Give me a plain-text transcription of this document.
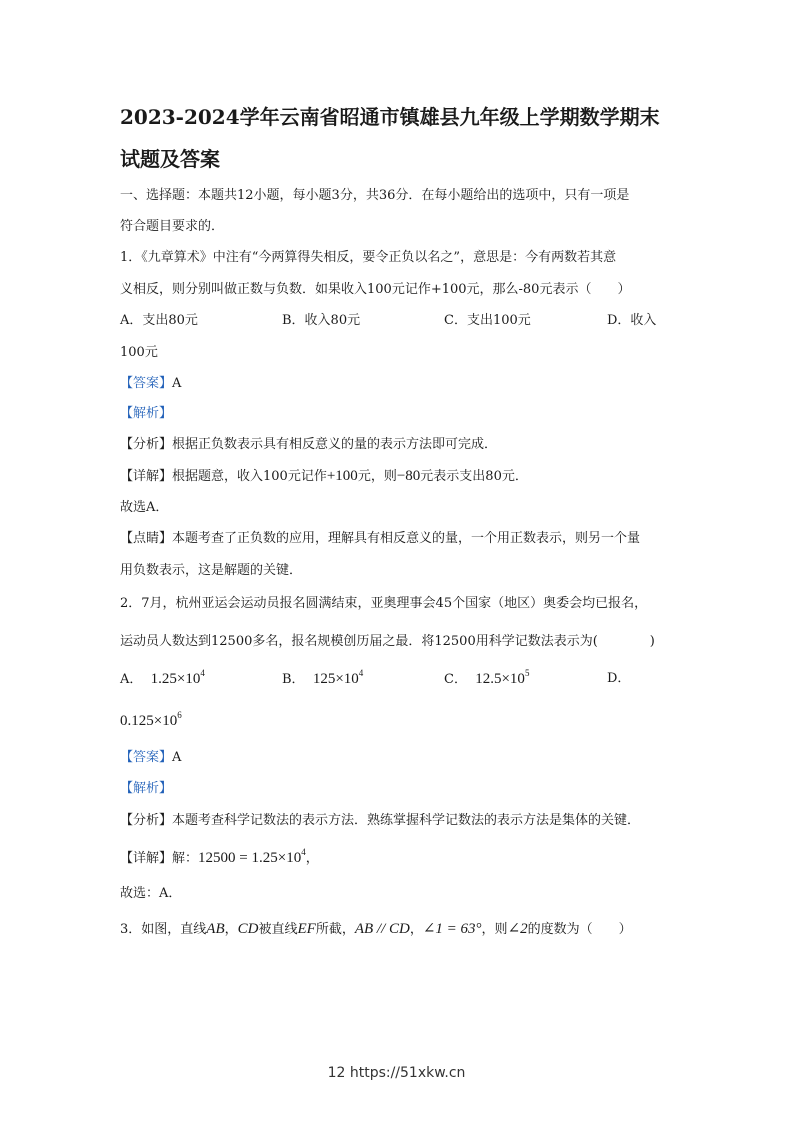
2023-2024学年云南省昭通市镇雄县九年级上学期数学期末
试题及答案
一、选择题：本题共12小题，每小题3分，共36分．在每小题给出的选项中，只有一项是
符合题目要求的．
1．《九章算术》中注有“今两算得失相反，要令正负以名之”，意思是：今有两数若其意
义相反，则分别叫做正数与负数．如果收入100元记作+100元，那么-80元表示（　　）
A．支出80元	B．收入80元	C．支出100元	D．收入
100元
【答案】A
【解析】
【分析】根据正负数表示具有相反意义的量的表示方法即可完成．
【详解】根据题意，收入100元记作+100元，则−80元表示支出80元．
故选A．
【点睛】本题考查了正负数的应用，理解具有相反意义的量，一个用正数表示，则另一个量
用负数表示，这是解题的关键．
2．7月，杭州亚运会运动员报名圆满结束，亚奥理事会45个国家（地区）奥委会均已报名，
运动员人数达到12500多名，报名规模创历届之最．将12500用科学记数法表示为(　　　　)
A． $1.25\times 10^4$	B． $125\times 10^4$	C． $12.5\times 10^5$	D．
$0.125\times 10^6$
【答案】A
【解析】
【分析】本题考查科学记数法的表示方法．熟练掌握科学记数法的表示方法是集体的关键．
【详解】解：$12500 = 1.25\times 10^4$，
故选：A．
3．如图，直线AB，CD被直线EF所截，AB // CD，∠1 = 63°，则∠2的度数为（　　）
12 https://51xkw.cn
